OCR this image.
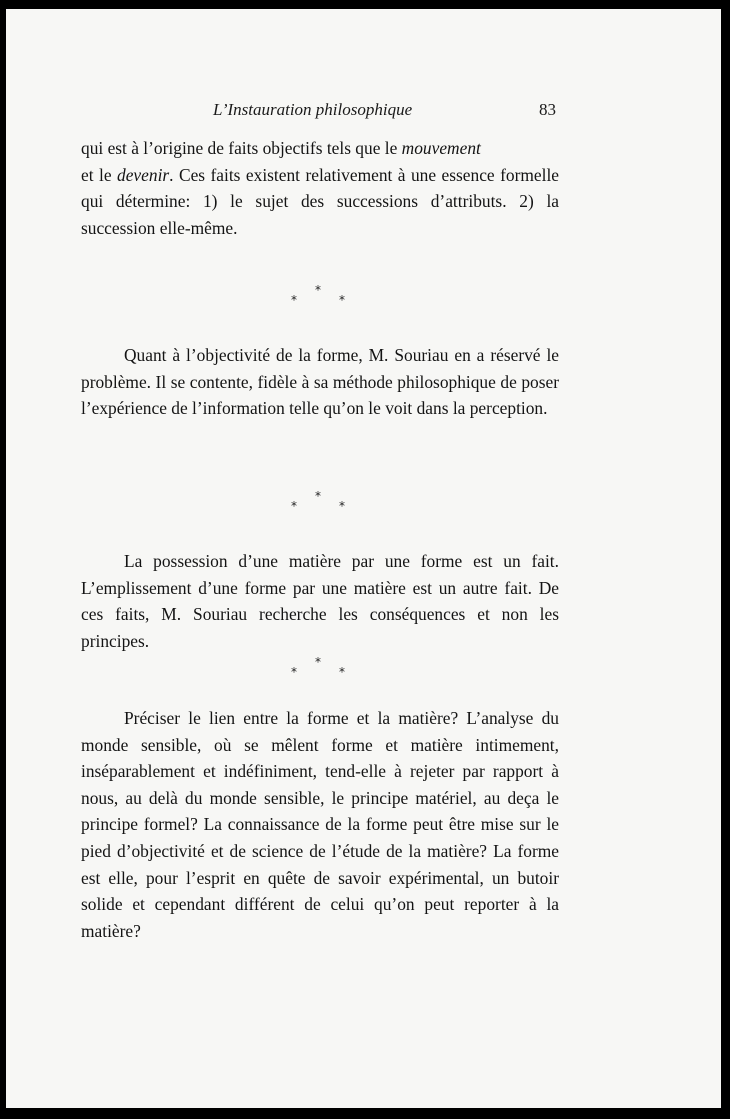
L’Instauration philosophique	83

qui est à l’origine de faits objectifs tels que le mouvement
et le devenir. Ces faits existent relativement à une essence formelle qui détermine: 1) le sujet des successions d’attributs. 2) la succession elle-même.

*
*	*

Quant à l’objectivité de la forme, M. Souriau en a réservé le problème. Il se contente, fidèle à sa méthode philosophique de poser l’expérience de l’information telle qu’on le voit dans la perception.

*
*	*

La possession d’une matière par une forme est un fait. L’emplissement d’une forme par une matière est un autre fait. De ces faits, M. Souriau recherche les conséquences et non les principes.

*
*	*

Préciser le lien entre la forme et la matière? L’analyse du monde sensible, où se mêlent forme et matière intimement, inséparablement et indéfiniment, tend-elle à rejeter par rapport à nous, au delà du monde sensible, le principe matériel, au deça le principe formel? La connaissance de la forme peut être mise sur le pied d’objectivité et de science de l’étude de la matière? La forme est elle, pour l’esprit en quête de savoir expérimental, un butoir solide et cependant différent de celui qu’on peut reporter à la matière?
